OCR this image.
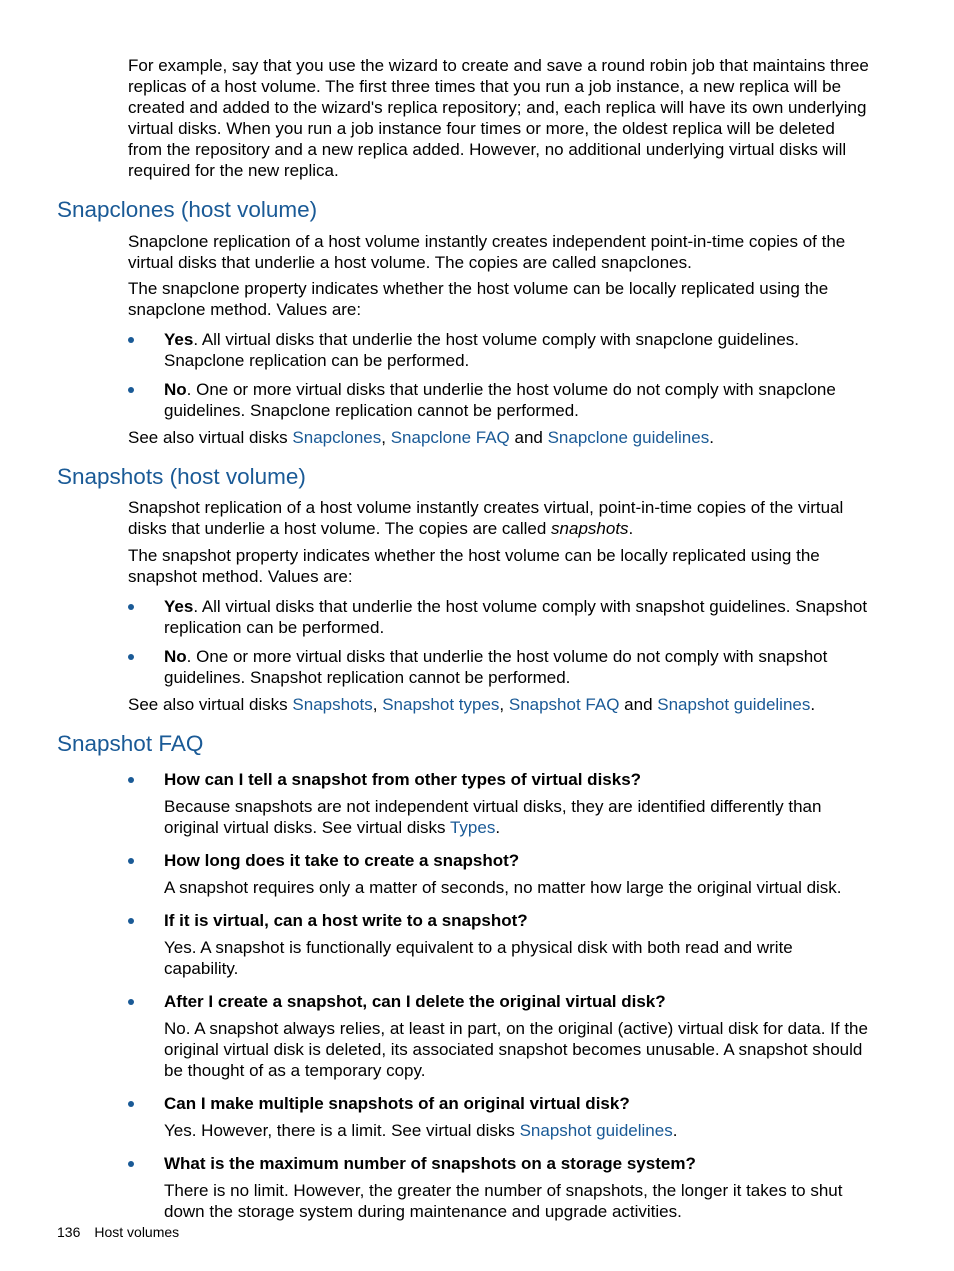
For example, say that you use the wizard to create and save a round robin job that maintains three replicas of a host volume. The first three times that you run a job instance, a new replica will be created and added to the wizard's replica repository; and, each replica will have its own underlying virtual disks. When you run a job instance four times or more, the oldest replica will be deleted from the repository and a new replica added. However, no additional underlying virtual disks will required for the new replica.

Snapclones (host volume)

Snapclone replication of a host volume instantly creates independent point-in-time copies of the virtual disks that underlie a host volume. The copies are called snapclones.

The snapclone property indicates whether the host volume can be locally replicated using the snapclone method. Values are:

Yes. All virtual disks that underlie the host volume comply with snapclone guidelines. Snapclone replication can be performed.
No. One or more virtual disks that underlie the host volume do not comply with snapclone guidelines. Snapclone replication cannot be performed.

See also virtual disks Snapclones, Snapclone FAQ and Snapclone guidelines.

Snapshots (host volume)

Snapshot replication of a host volume instantly creates virtual, point-in-time copies of the virtual disks that underlie a host volume. The copies are called snapshots.

The snapshot property indicates whether the host volume can be locally replicated using the snapshot method. Values are:

Yes. All virtual disks that underlie the host volume comply with snapshot guidelines. Snapshot replication can be performed.
No. One or more virtual disks that underlie the host volume do not comply with snapshot guidelines. Snapshot replication cannot be performed.

See also virtual disks Snapshots, Snapshot types, Snapshot FAQ and Snapshot guidelines.

Snapshot FAQ
How can I tell a snapshot from other types of virtual disks?
Because snapshots are not independent virtual disks, they are identified differently than original virtual disks. See virtual disks Types.
How long does it take to create a snapshot?
A snapshot requires only a matter of seconds, no matter how large the original virtual disk.
If it is virtual, can a host write to a snapshot?
Yes. A snapshot is functionally equivalent to a physical disk with both read and write capability.
After I create a snapshot, can I delete the original virtual disk?
No. A snapshot always relies, at least in part, on the original (active) virtual disk for data. If the original virtual disk is deleted, its associated snapshot becomes unusable. A snapshot should be thought of as a temporary copy.
Can I make multiple snapshots of an original virtual disk?
Yes. However, there is a limit. See virtual disks Snapshot guidelines.
What is the maximum number of snapshots on a storage system?
There is no limit. However, the greater the number of snapshots, the longer it takes to shut down the storage system during maintenance and upgrade activities.
136 Host volumes
